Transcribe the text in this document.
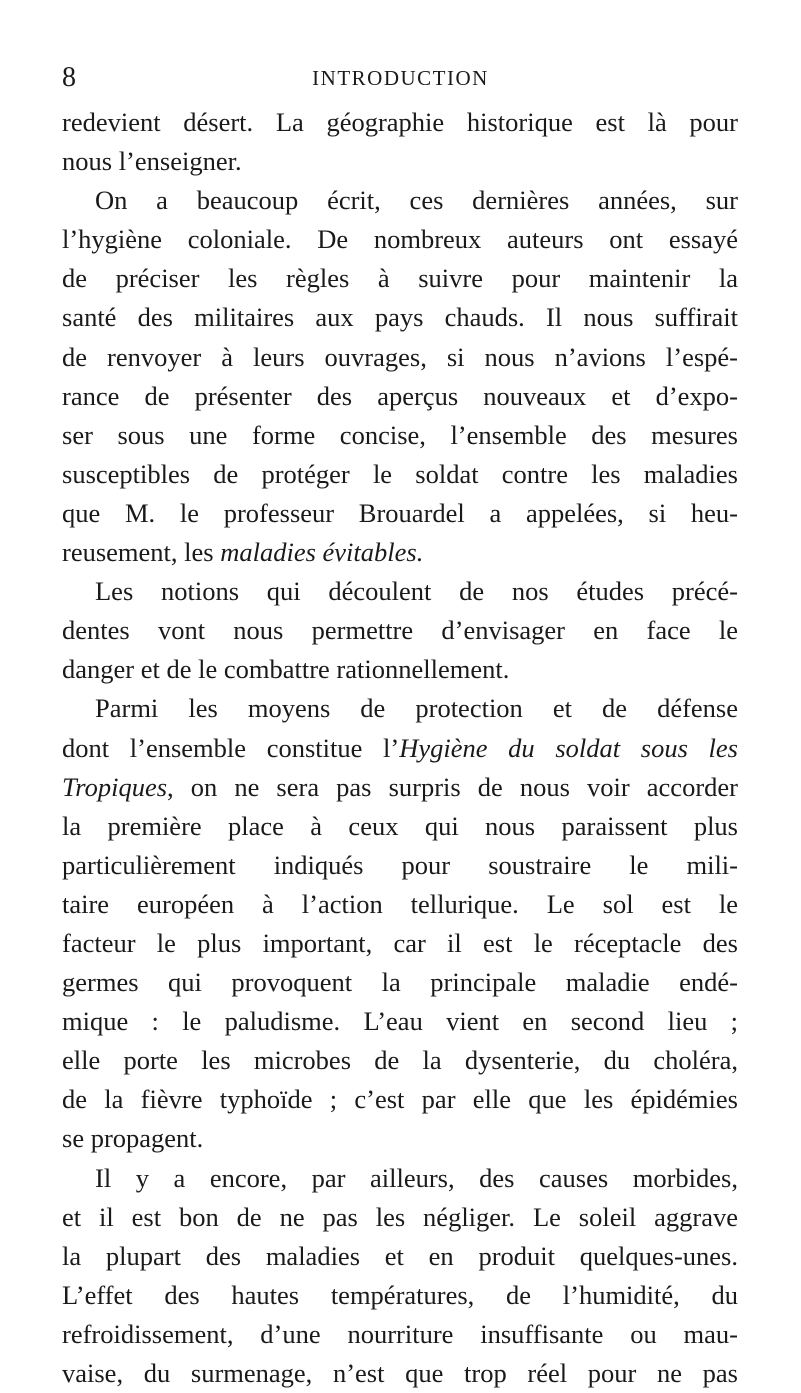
8	INTRODUCTION
redevient désert. La géographie historique est là pour
nous l’enseigner.
On a beaucoup écrit, ces dernières années, sur
l’hygiène coloniale. De nombreux auteurs ont essayé
de préciser les règles à suivre pour maintenir la
santé des militaires aux pays chauds. Il nous suffirait
de renvoyer à leurs ouvrages, si nous n’avions l’espé-
rance de présenter des aperçus nouveaux et d’expo-
ser sous une forme concise, l’ensemble des mesures
susceptibles de protéger le soldat contre les maladies
que M. le professeur Brouardel a appelées, si heu-
reusement, les maladies évitables.
Les notions qui découlent de nos études précé-
dentes vont nous permettre d’envisager en face le
danger et de le combattre rationnellement.
Parmi les moyens de protection et de défense
dont l’ensemble constitue l’Hygiène du soldat sous les
Tropiques, on ne sera pas surpris de nous voir accorder
la première place à ceux qui nous paraissent plus
particulièrement indiqués pour soustraire le mili-
taire européen à l’action tellurique. Le sol est le
facteur le plus important, car il est le réceptacle des
germes qui provoquent la principale maladie endé-
mique : le paludisme. L’eau vient en second lieu ;
elle porte les microbes de la dysenterie, du choléra,
de la fièvre typhoïde ; c’est par elle que les épidémies
se propagent.
Il y a encore, par ailleurs, des causes morbides,
et il est bon de ne pas les négliger. Le soleil aggrave
la plupart des maladies et en produit quelques-unes.
L’effet des hautes températures, de l’humidité, du
refroidissement, d’une nourriture insuffisante ou mau-
vaise, du surmenage, n’est que trop réel pour ne pas
